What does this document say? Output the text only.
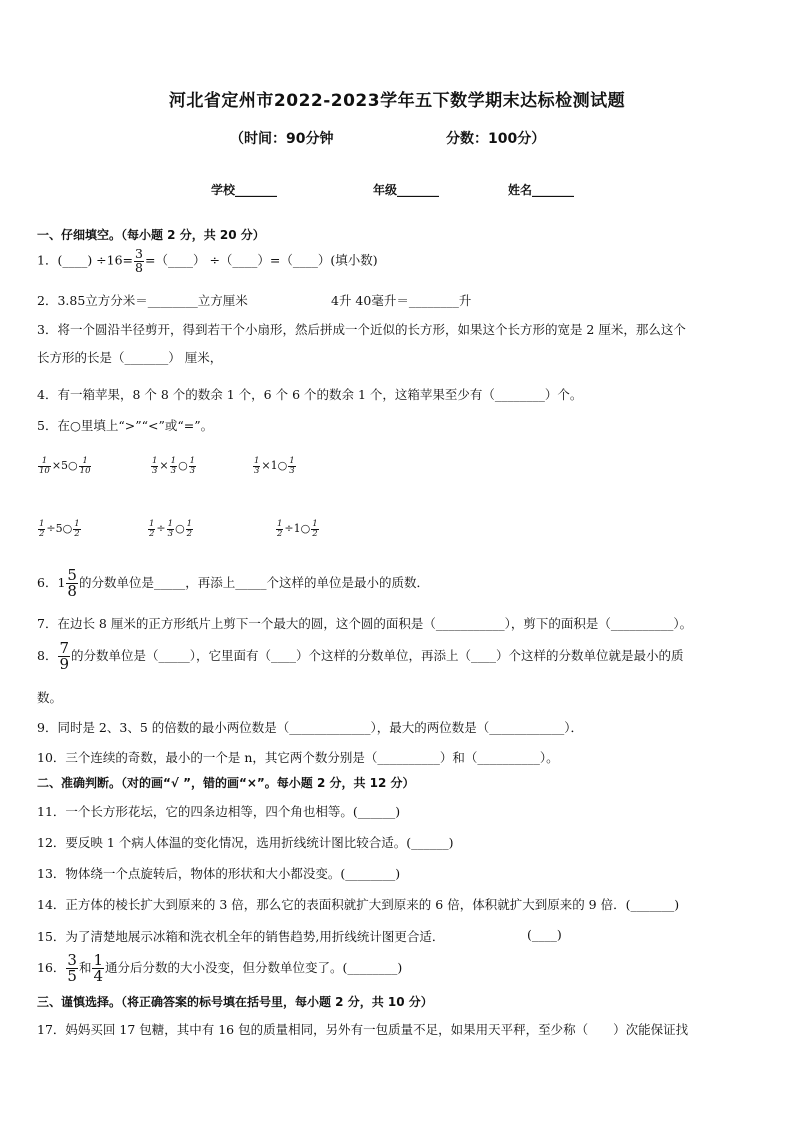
河北省定州市2022-2023学年五下数学期末达标检测试题
（时间：90分钟	分数：100分）
学校_______	年级_______	姓名_______
一、仔细填空。（每小题 2 分，共 20 分）
1．(____) $\div 16= \frac{3}{8}$ =（____） ÷（____）=（____）(填小数)
2．3.85立方分米＝________立方厘米	4升 40毫升＝________升
3．将一个圆沿半径剪开，得到若干个小扇形，然后拼成一个近似的长方形，如果这个长方形的宽是 2 厘米，那么这个
长方形的长是（_______） 厘米，
4．有一箱苹果，8 个 8 个的数余 1 个，6 个 6 个的数余 1 个，这箱苹果至少有（________）个。
5．在○里填上“>”“<”或“=”。
$\frac{1}{10}$ ×5○ $\frac{1}{10}$	$\frac{1}{3} \times \frac{1}{3}$ ○ $\frac{1}{3}$	$\frac{1}{3}$ ×1○ $\frac{1}{3}$
$\frac{1}{2}$ ÷5○ $\frac{1}{2}$	$\frac{1}{2} \div \frac{1}{3}$ ○ $\frac{1}{2}$	$\frac{1}{2}$ ÷1○ $\frac{1}{2}$
6．$1 \frac{5}{8}$ 的分数单位是_____，再添上_____个这样的单位是最小的质数．
7．在边长 8 厘米的正方形纸片上剪下一个最大的圆，这个圆的面积是（___________），剪下的面积是（__________）。
8． $\frac{7}{9}$ 的分数单位是（_____），它里面有（____）个这样的分数单位，再添上（____）个这样的分数单位就是最小的质
数。
9．同时是 2、3、5 的倍数的最小两位数是（_____________），最大的两位数是（____________）．
10．三个连续的奇数，最小的一个是 n，其它两个数分别是（__________）和（__________）。
二、准确判断。（对的画“√ ”，错的画“×”。每小题 2 分，共 12 分）
11．一个长方形花坛，它的四条边相等，四个角也相等。(______)
12．要反映 1 个病人体温的变化情况，选用折线统计图比较合适。(______)
13．物体绕一个点旋转后，物体的形状和大小都没变。(________)
14．正方体的棱长扩大到原来的 3 倍，那么它的表面积就扩大到原来的 6 倍，体积就扩大到原来的 9 倍．(_______)
15．为了清楚地展示冰箱和洗衣机全年的销售趋势,用折线统计图更合适．	(____)
16． $\frac{3}{5}$ 和 $\frac{1}{4}$ 通分后分数的大小没变，但分数单位变了。(________)
三、谨慎选择。（将正确答案的标号填在括号里，每小题 2 分，共 10 分）
17．妈妈买回 17 包糖，其中有 16 包的质量相同，另外有一包质量不足，如果用天平秤，至少称（　　）次能保证找
